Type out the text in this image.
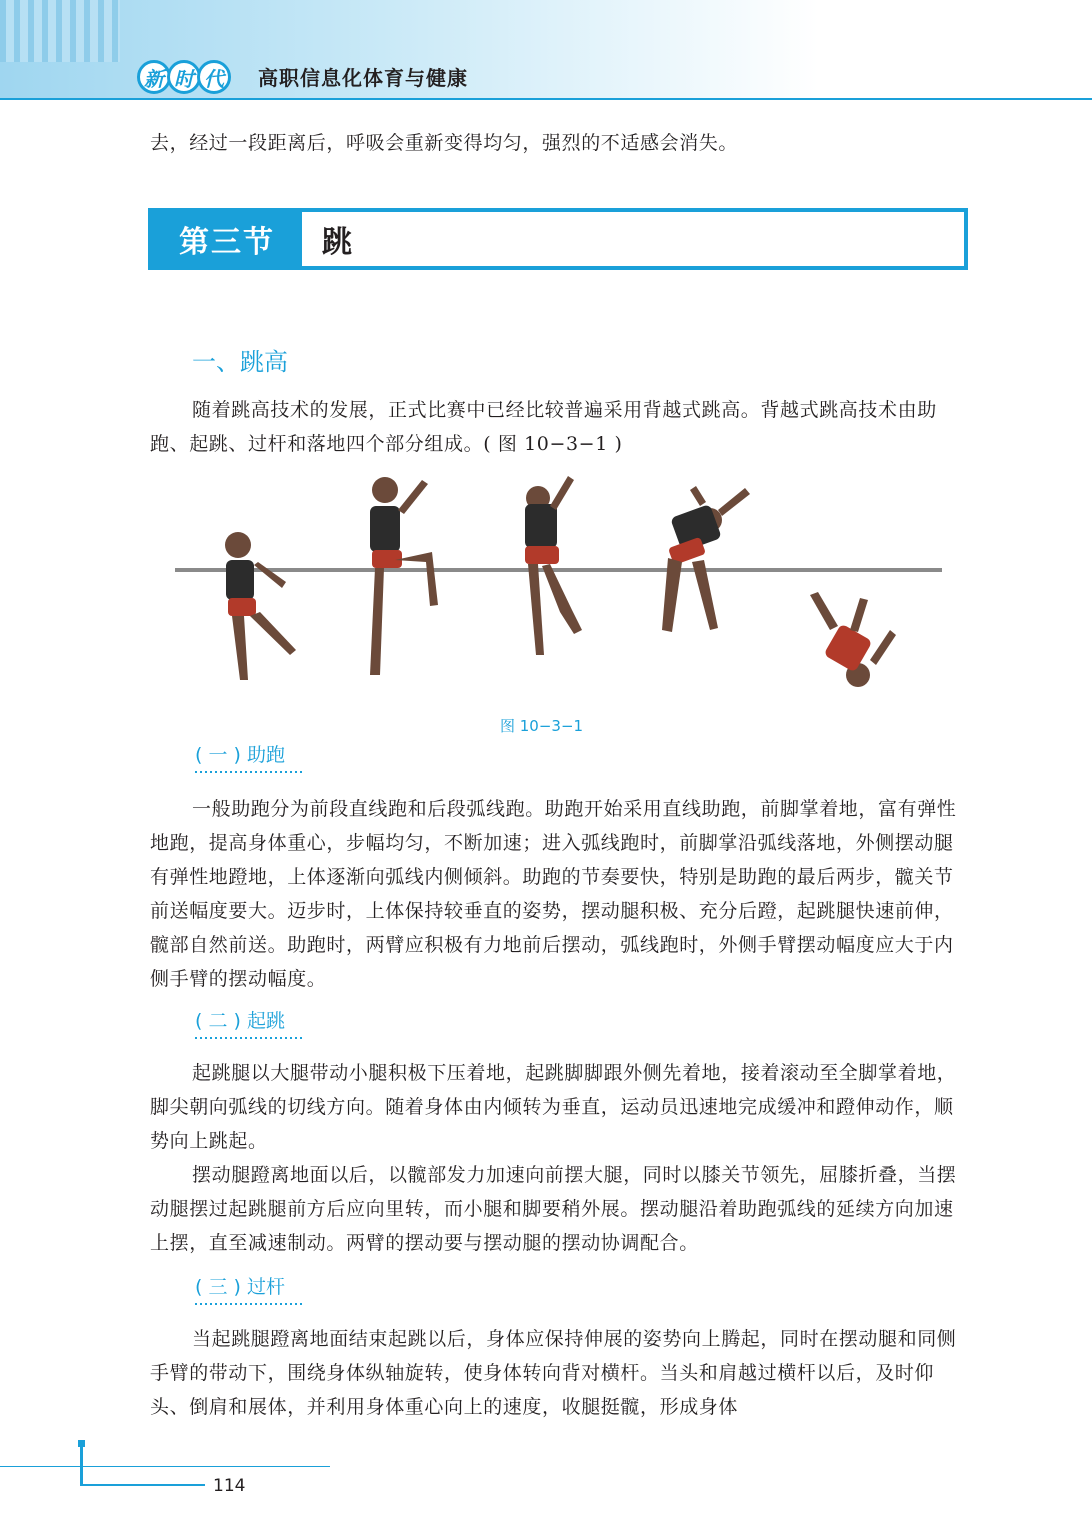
新 时 代	高职信息化体育与健康
去，经过一段距离后，呼吸会重新变得均匀，强烈的不适感会消失。
第三节	跳
一、跳高
随着跳高技术的发展，正式比赛中已经比较普遍采用背越式跳高。背越式跳高技术由助跑、起跳、过杆和落地四个部分组成。( 图 10−3−1 )
图 10−3−1
( 一 ) 助跑
一般助跑分为前段直线跑和后段弧线跑。助跑开始采用直线助跑，前脚掌着地，富有弹性地跑，提高身体重心，步幅均匀，不断加速；进入弧线跑时，前脚掌沿弧线落地，外侧摆动腿有弹性地蹬地，上体逐渐向弧线内侧倾斜。助跑的节奏要快，特别是助跑的最后两步，髋关节前送幅度要大。迈步时，上体保持较垂直的姿势，摆动腿积极、充分后蹬，起跳腿快速前伸，髋部自然前送。助跑时，两臂应积极有力地前后摆动，弧线跑时，外侧手臂摆动幅度应大于内侧手臂的摆动幅度。
( 二 ) 起跳
起跳腿以大腿带动小腿积极下压着地，起跳脚脚跟外侧先着地，接着滚动至全脚掌着地，脚尖朝向弧线的切线方向。随着身体由内倾转为垂直，运动员迅速地完成缓冲和蹬伸动作，顺势向上跳起。
摆动腿蹬离地面以后，以髋部发力加速向前摆大腿，同时以膝关节领先，屈膝折叠，当摆动腿摆过起跳腿前方后应向里转，而小腿和脚要稍外展。摆动腿沿着助跑弧线的延续方向加速上摆，直至减速制动。两臂的摆动要与摆动腿的摆动协调配合。
( 三 ) 过杆
当起跳腿蹬离地面结束起跳以后，身体应保持伸展的姿势向上腾起，同时在摆动腿和同侧手臂的带动下，围绕身体纵轴旋转，使身体转向背对横杆。当头和肩越过横杆以后，及时仰头、倒肩和展体，并利用身体重心向上的速度，收腿挺髋，形成身体
114
